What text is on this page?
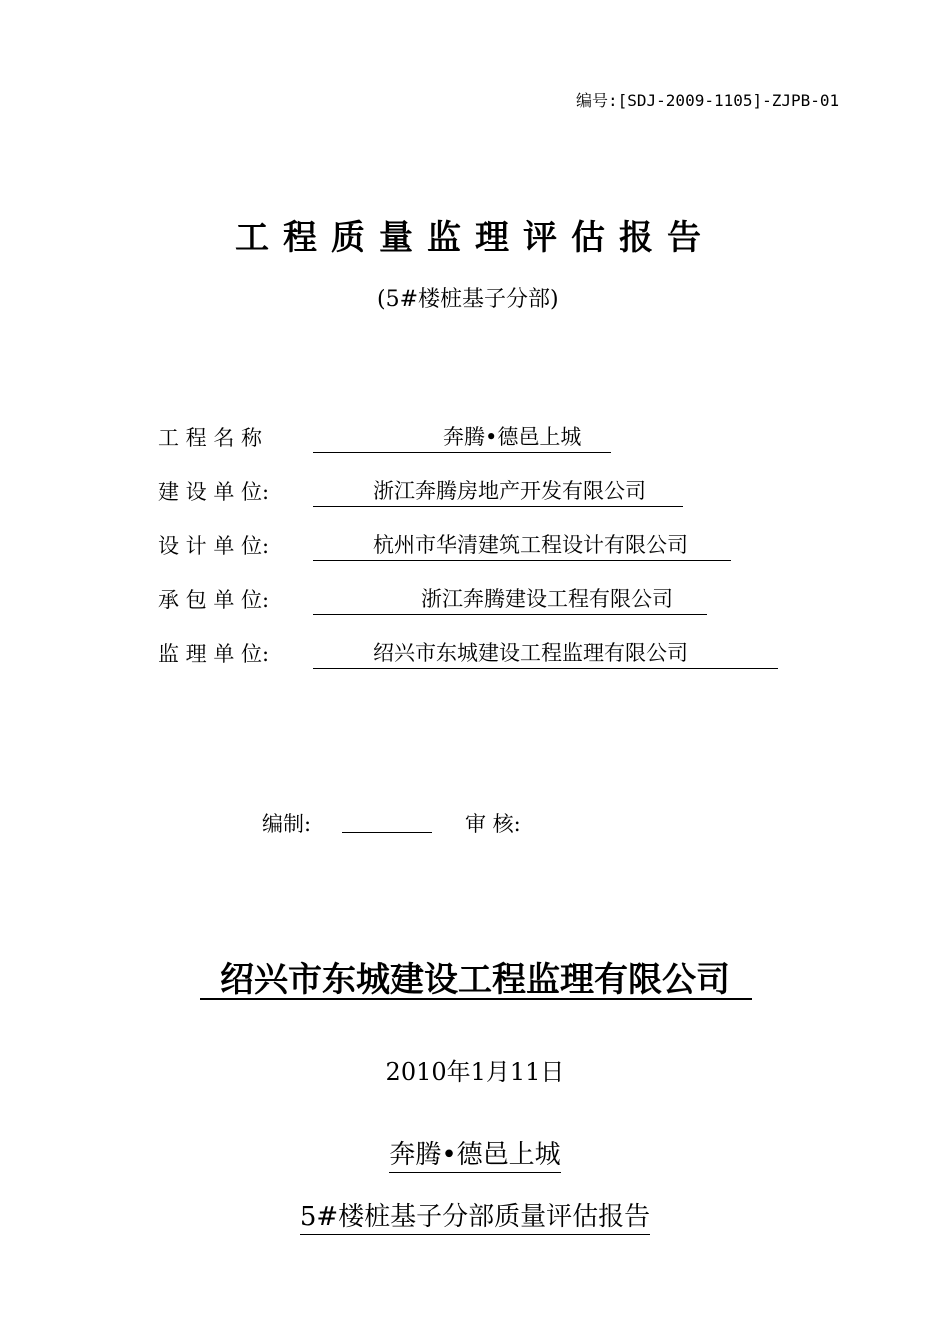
编号:[SDJ-2009-1105]-ZJPB-01
工程质量监理评估报告
(5#楼桩基子分部)
工 程 名 称	奔腾•德邑上城
建 设 单 位:	浙江奔腾房地产开发有限公司
设 计 单 位:	杭州市华清建筑工程设计有限公司
承 包 单 位:	浙江奔腾建设工程有限公司
监 理 单 位:	绍兴市东城建设工程监理有限公司
编制:	审 核:
绍兴市东城建设工程监理有限公司
2010年1月11日
奔腾•德邑上城
5#楼桩基子分部质量评估报告
